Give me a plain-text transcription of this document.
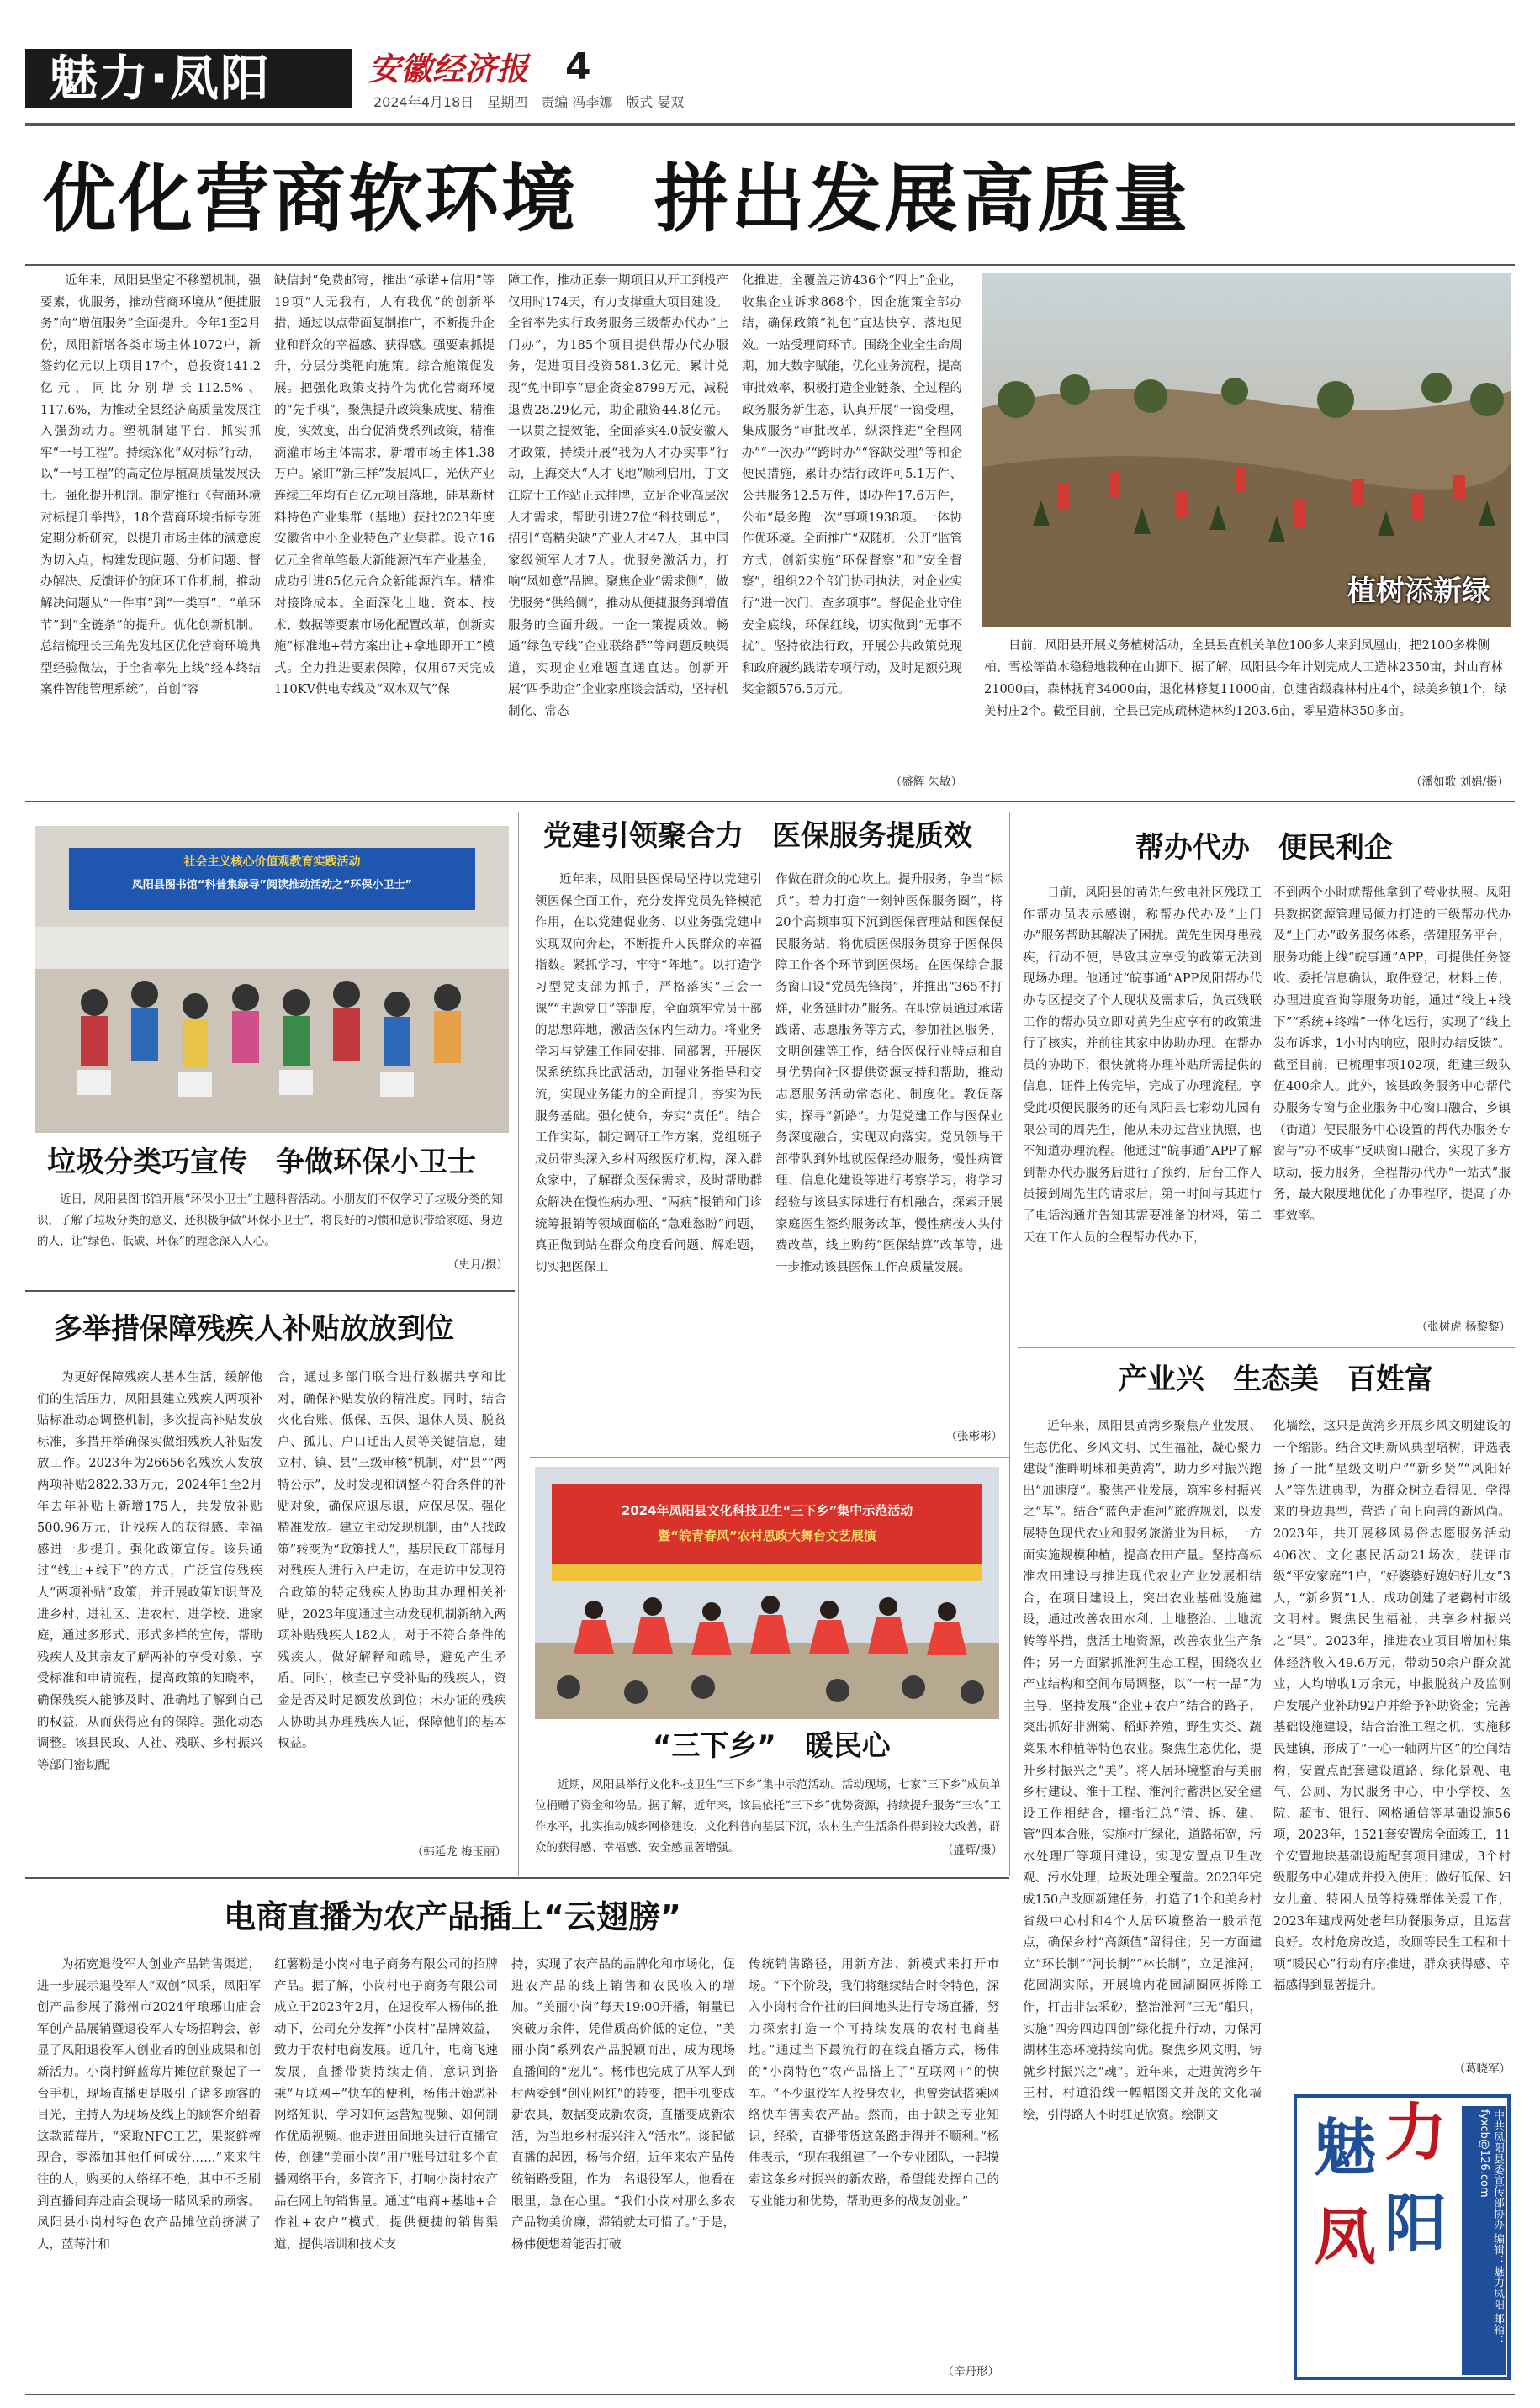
魅力·凤阳	安徽经济报 4
2024年4月18日　星期四　责编 冯李娜　版式 晏双
优化营商软环境　拼出发展高质量

近年来，凤阳县坚定不移塑机制，强要素，优服务，推动营商环境从“便捷服务”向“增值服务”全面提升。今年1至2月份，凤阳新增各类市场主体1072户，新签约亿元以上项目17个，总投资141.2亿元，同比分别增长112.5%、117.6%，为推动全县经济高质量发展注入强劲动力。塑机制建平台，抓实抓牢“一号工程”。持续深化“双对标”行动，以“一号工程”的高定位厚植高质量发展沃土。强化提升机制。制定推行《营商环境对标提升举措》，18个营商环境指标专班定期分析研究，以提升市场主体的满意度为切入点，构建发现问题、分析问题、督办解决、反馈评价的闭环工作机制，推动解决问题从“一件事”到“一类事”、“单环节”到“全链条”的提升。优化创新机制。总结梳理长三角先发地区优化营商环境典型经验做法，于全省率先上线“经本终结案件智能管理系统”，首创“容

缺信封”免费邮寄，推出“承诺+信用”等19项“人无我有，人有我优”的创新举措，通过以点带面复制推广，不断提升企业和群众的幸福感、获得感。强要素抓提升，分层分类靶向施策。综合施策促发展。把强化政策支持作为优化营商环境的“先手棋”，聚焦提升政策集成度、精准度，实效度，出台促消费系列政策，精准滴灌市场主体需求，新增市场主体1.38万户。紧盯“新三样”发展风口，光伏产业连续三年均有百亿元项目落地，硅基新材料特色产业集群（基地）获批2023年度安徽省中小企业特色产业集群。设立16亿元全省单笔最大新能源汽车产业基金，成功引进85亿元合众新能源汽车。精准对接降成本。全面深化土地、资本、技术、数据等要素市场化配置改革，创新实施“标准地+带方案出让+拿地即开工”模式。全力推进要素保障，仅用67天完成110KV供电专线及“双水双气”保

障工作，推动正泰一期项目从开工到投产仅用时174天，有力支撑重大项目建设。全省率先实行政务服务三级帮办代办“上门办”，为185个项目提供帮办代办服务，促进项目投资581.3亿元。累计兑现“免申即享”惠企资金8799万元，减税退费28.29亿元，助企融资44.8亿元。一以贯之提效能，全面落实4.0版安徽人才政策，持续开展“我为人才办实事”行动，上海交大“人才飞地”顺利启用，丁文江院士工作站正式挂牌，立足企业高层次人才需求，帮助引进27位“科技副总”，招引“高精尖缺”产业人才47人，其中国家级领军人才7人。优服务激活力，打响“凤如意”品牌。聚焦企业“需求侧”，做优服务“供给侧”，推动从便捷服务到增值服务的全面升级。一企一策提质效。畅通“绿色专线”企业联络群”等问题反映渠道，实现企业难题直通直达。创新开展“四季助企”企业家座谈会活动，坚持机制化、常态

化推进，全覆盖走访436个“四上”企业，收集企业诉求868个，因企施策全部办结，确保政策“礼包”直达快享、落地见效。一站受理简环节。围绕企业全生命周期，加大数字赋能，优化业务流程，提高审批效率，积极打造企业链条、全过程的政务服务新生态，认真开展“一窗受理，集成服务”审批改革，纵深推进“全程网办”“一次办”“跨时办”“容缺受理”等和企便民措施，累计办结行政许可5.1万件、公共服务12.5万件，即办件17.6万件，公布“最多跑一次”事项1938项。一体协作优环境。全面推广“双随机一公开”监管方式，创新实施“环保督察”和“安全督察”，组织22个部门协同执法，对企业实行“进一次门、查多项事”。督促企业守住安全底线，环保红线，切实做到“无事不扰”。坚持依法行政，开展公共政策兑现和政府履约践诺专项行动，及时足额兑现奖金额576.5万元。

（盛辉 朱敏）
植树添新绿

日前，凤阳县开展义务植树活动，全县县直机关单位100多人来到凤凰山，把2100多株侧柏、雪松等苗木稳稳地栽种在山脚下。据了解，凤阳县今年计划完成人工造林2350亩，封山育林21000亩，森林抚育34000亩，退化林修复11000亩，创建省级森林村庄4个，绿美乡镇1个，绿美村庄2个。截至目前，全县已完成疏林造林约1203.6亩，零星造林350多亩。

（潘如歌 刘娟/摄）
社会主义核心价值观教育实践活动
凤阳县图书馆“科普集绿导”阅读推动活动之“环保小卫士”
垃圾分类巧宣传　争做环保小卫士

近日，凤阳县图书馆开展“环保小卫士”主题科普活动。小朋友们不仅学习了垃圾分类的知识，了解了垃圾分类的意义，还积极争做“环保小卫士”，将良好的习惯和意识带给家庭、身边的人，让“绿色、低碳、环保”的理念深入人心。

（史月/摄）
多举措保障残疾人补贴放放到位

为更好保障残疾人基本生活，缓解他们的生活压力，凤阳县建立残疾人两项补贴标准动态调整机制，多次提高补贴发放标准，多措并举确保实做细残疾人补贴发放工作。2023年为26656名残疾人发放两项补贴2822.33万元，2024年1至2月年去年补贴上新增175人，共发放补贴500.96万元，让残疾人的获得感、幸福感进一步提升。强化政策宣传。该县通过“线上+线下”的方式，广泛宣传残疾人“两项补贴”政策，并开展政策知识普及进乡村、进社区、进农村、进学校、进家庭，通过多形式、形式多样的宣传，帮助残疾人及其亲友了解两补的享受对象、享受标准和申请流程，提高政策的知晓率，确保残疾人能够及时、准确地了解到自己的权益，从而获得应有的保障。强化动态调整。该县民政、人社、残联、乡村振兴等部门密切配

合，通过多部门联合进行数据共享和比对，确保补贴发放的精准度。同时，结合火化台账、低保、五保、退休人员、脱贫户、孤儿、户口迁出人员等关键信息，建立村、镇、县“三级审核”机制，对“县”“两特公示”，及时发现和调整不符合条件的补贴对象，确保应退尽退，应保尽保。强化精准发放。建立主动发现机制，由“人找政策”转变为“政策找人”，基层民政干部每月对残疾人进行入户走访，在走访中发现符合政策的特定残疾人协助其办理相关补贴，2023年度通过主动发现机制新纳入两项补贴残疾人182人；对于不符合条件的残疾人，做好解释和疏导，避免产生矛盾。同时，核查已享受补贴的残疾人，资金是否及时足额发放到位；未办证的残疾人协助其办理残疾人证，保障他们的基本权益。

（韩延龙 梅玉丽）
党建引领聚合力　医保服务提质效

近年来，凤阳县医保局坚持以党建引领医保全面工作，充分发挥党员先锋模范作用，在以党建促业务、以业务强党建中实现双向奔赴，不断提升人民群众的幸福指数。紧抓学习，牢守“阵地”。以打造学习型党支部为抓手，严格落实“三会一课”“主题党日”等制度，全面筑牢党员干部的思想阵地，激活医保内生动力。将业务学习与党建工作同安排、同部署，开展医保系统练兵比武活动，加强业务指导和交流，实现业务能力的全面提升，夯实为民服务基础。强化使命，夯实“责任”。结合工作实际，制定调研工作方案，党组班子成员带头深入乡村两级医疗机构，深入群众家中，了解群众医保需求，及时帮助群众解决在慢性病办理、“两病”报销和门诊统筹报销等领域面临的“急难愁盼”问题，真正做到站在群众角度看问题、解难题，切实把医保工

作做在群众的心坎上。提升服务，争当“标兵”。着力打造“一刻钟医保服务圈”，将20个高频事项下沉到医保管理站和医保便民服务站，将优质医保服务贯穿于医保保障工作各个环节到医保场。在医保综合服务窗口设“党员先锋岗”，并推出“365不打烊，业务延时办”服务。在职党员通过承诺践诺、志愿服务等方式，参加社区服务，文明创建等工作，结合医保行业特点和自身优势向社区提供资源支持和帮助，推动志愿服务活动常态化、制度化。教促落实，探寻“新路”。力促党建工作与医保业务深度融合，实现双向落实。党员领导干部带队到外地就医保经办服务，慢性病管理、信息化建设等进行考察学习，将学习经验与该县实际进行有机融合，探索开展家庭医生签约服务改革，慢性病按人头付费改革，线上购药“医保结算”改革等，进一步推动该县医保工作高质量发展。

（张彬彬）
2024年凤阳县文化科技卫生“三下乡”集中示范活动
暨“皖青春风”农村思政大舞台文艺展演
“三下乡”　暖民心

近期，凤阳县举行文化科技卫生“三下乡”集中示范活动。活动现场，七家“三下乡”成员单位捐赠了资金和物品。据了解，近年来，该县依托“三下乡”优势资源，持续提升服务“三农”工作水平，扎实推动城乡网格建设，文化科普向基层下沉，农村生产生活条件得到较大改善，群众的获得感、幸福感、安全感显著增强。	（盛辉/摄）
帮办代办　便民利企

日前，凤阳县的黄先生致电社区残联工作帮办员表示感谢，称帮办代办及“上门办”服务帮助其解决了困扰。黄先生因身患残疾，行动不便，导致其应享受的政策无法到现场办理。他通过“皖事通”APP凤阳帮办代办专区提交了个人现状及需求后，负责残联工作的帮办员立即对黄先生应享有的政策进行了核实，并前往其家中协助办理。在帮办员的协助下，很快就将办理补贴所需提供的信息、证件上传完毕，完成了办理流程。享受此项便民服务的还有凤阳县七彩幼儿园有限公司的周先生，他从未办过营业执照，也不知道办理流程。他通过“皖事通”APP了解到帮办代办服务后进行了预约，后台工作人员接到周先生的请求后，第一时间与其进行了电话沟通并告知其需要准备的材料，第二天在工作人员的全程帮办代办下，

不到两个小时就帮他拿到了营业执照。凤阳县数据资源管理局倾力打造的三级帮办代办及“上门办”政务服务体系，搭建服务平台，服务功能上线“皖事通”APP，可提供任务签收、委托信息确认，取件登记，材料上传，办理进度查询等服务功能，通过“线上+线下”“系统+终端”一体化运行，实现了“线上发布诉求，1小时内响应，限时办结反馈”。截至目前，已梳理事项102项，组建三级队伍400余人。此外，该县政务服务中心帮代办服务专窗与企业服务中心窗口融合，乡镇（街道）便民服务中心设置的帮代办服务专窗与“办不成事”反映窗口融合，实现了多方联动，接力服务，全程帮办代办“一站式”服务，最大限度地优化了办事程序，提高了办事效率。

（张树虎 杨黎黎）
产业兴　生态美　百姓富

近年来，凤阳县黄湾乡聚焦产业发展、生态优化、乡风文明、民生福祉，凝心聚力建设“淮畔明珠和美黄湾”，助力乡村振兴跑出“加速度”。聚焦产业发展，筑牢乡村振兴之“基”。结合“蓝色走淮河”旅游规划，以发展特色现代农业和服务旅游业为目标，一方面实施规模种植，提高农田产量。坚持高标准农田建设与推进现代农业产业发展相结合，在项目建设上，突出农业基础设施建设，通过改善农田水利、土地整治、土地流转等举措，盘活土地资源，改善农业生产条件；另一方面紧抓淮河生态工程，围绕农业产业结构和空间布局调整，以“一村一品”为主导，坚持发展“企业+农户”结合的路子，突出抓好非洲菊、稻虾养殖，野生实类、蔬菜果木种植等特色农业。聚焦生态优化，提升乡村振兴之“美”。将人居环境整治与美丽乡村建设、淮干工程、淮河行蓄洪区安全建设工作相结合，攥指汇总“清、拆、建、管”四本合账，实施村庄绿化，道路拓宽，污水处理厂等项目建设，实现安置点卫生改观、污水处理，垃圾处理全覆盖。2023年完成150户改厕新建任务，打造了1个和美乡村省级中心村和4个人居环境整治一般示范点，确保乡村“高颜值”留得住；另一方面建立“环长制”“河长制”“林长制”，立足淮河，花园湖实际，开展境内花园湖圈网拆除工作，打击非法采砂，整治淮河“三无”船只，实施“四旁四边四创”绿化提升行动，力保河湖林生态环境持续向优。聚焦乡风文明，铸就乡村振兴之“魂”。近年来，走进黄湾乡午王村，村道沿线一幅幅图文并茂的文化墙绘，引得路人不时驻足欣赏。绘制文

化墙绘，这只是黄湾乡开展乡风文明建设的一个缩影。结合文明新风典型培树，评选表扬了一批“星级文明户”“新乡贤”“凤阳好人”等先进典型，为群众树立看得见、学得来的身边典型，营造了向上向善的新风尚。2023年，共开展移风易俗志愿服务活动406次、文化惠民活动21场次，获评市级“平安家庭”1户，“好婆婆好媳妇好儿女”3人，“新乡贤”1人，成功创建了老鹳村市级文明村。聚焦民生福祉，共享乡村振兴之“果”。2023年，推进农业项目增加村集体经济收入49.6万元，带动50余户群众就业，人均增收1万余元，申报脱贫户及监测户发展产业补助92户并给予补助资金；完善基础设施建设，结合治淮工程之机，实施移民建镇，形成了“一心一轴两片区”的空间结构，安置点配套建设道路、绿化景观、电气、公厕、为民服务中心、中小学校、医院、超市、银行、网格通信等基础设施56项，2023年，1521套安置房全面竣工，11个安置地块基础设施配套项目建成，3个村级服务中心建成并投入使用；做好低保、妇女儿童、特困人员等特殊群体关爱工作，2023年建成两处老年助餐服务点，且运营良好。农村危房改造，改厕等民生工程和十项“暖民心”行动有序推进，群众获得感、幸福感得到显著提升。

（葛晓军）
魅 力
凤 阳	中共凤阳县委宣传部协办 编辑：魅力凤阳 邮箱：fyxcb@126.com
电商直播为农产品插上“云翅膀”

为拓宽退役军人创业产品销售渠道，进一步展示退役军人“双创”风采，凤阳军创产品参展了滁州市2024年琅琊山庙会军创产品展销暨退役军人专场招聘会，彰显了凤阳退役军人创业者的创业成果和创新活力。小岗村鲜蓝莓片摊位前聚起了一台手机，现场直播更是吸引了诸多顾客的目光，主持人为现场及线上的顾客介绍着这款蓝莓片，“采取NFC工艺，果浆鲜榨现合，零添加其他任何成分……”来来往往的人，购买的人络绎不绝，其中不乏刷到直播间奔赴庙会现场一睹风采的顾客。凤阳县小岗村特色农产品摊位前挤满了人，蓝莓汁和

红薯粉是小岗村电子商务有限公司的招牌产品。据了解，小岗村电子商务有限公司成立于2023年2月，在退役军人杨伟的推动下，公司充分发挥“小岗村”品牌效益，致力于农村电商发展。近几年，电商飞速发展，直播带货持续走俏，意识到搭乘“互联网+”快车的便利，杨伟开始恶补网络知识，学习如何运营短视频、如何制作优质视频。他走进田间地头进行直播宣传，创建“美丽小岗”用户账号进驻多个直播网络平台，多管齐下，打响小岗村农产品在网上的销售量。通过“电商+基地+合作社+农户”模式，提供便捷的销售渠道，提供培训和技术支

持，实现了农产品的品牌化和市场化，促进农产品的线上销售和农民收入的增加。“美丽小岗”每天19:00开播，销量已突破万余件，凭借质高价低的定位，“美丽小岗”系列农产品脱颖而出，成为现场直播间的“宠儿”。杨伟也完成了从军人到村两委到“创业网红”的转变，把手机变成新农具，数据变成新农资，直播变成新农活，为当地乡村振兴注入“活水”。谈起做直播的起因，杨伟介绍，近年来农产品传统销路受阻，作为一名退役军人，他看在眼里，急在心里。“我们小岗村那么多农产品物美价廉，滞销就太可惜了。”于是，杨伟便想着能否打破

传统销售路径，用新方法、新模式来打开市场。“下个阶段，我们将继续结合时令特色，深入小岗村合作社的田间地头进行专场直播，努力探索打造一个可持续发展的农村电商基地。”通过当下最流行的在线直播方式，杨伟的“小岗特色”农产品搭上了“互联网+”的快车。“不少退役军人投身农业，也曾尝试搭乘网络快车售卖农产品。然而，由于缺乏专业知识，经验，直播带货这条路走得并不顺利。”杨伟表示，“现在我组建了一个专业团队，一起摸索这条乡村振兴的新农路，希望能发挥自己的专业能力和优势，帮助更多的战友创业。”

（辛丹形）
